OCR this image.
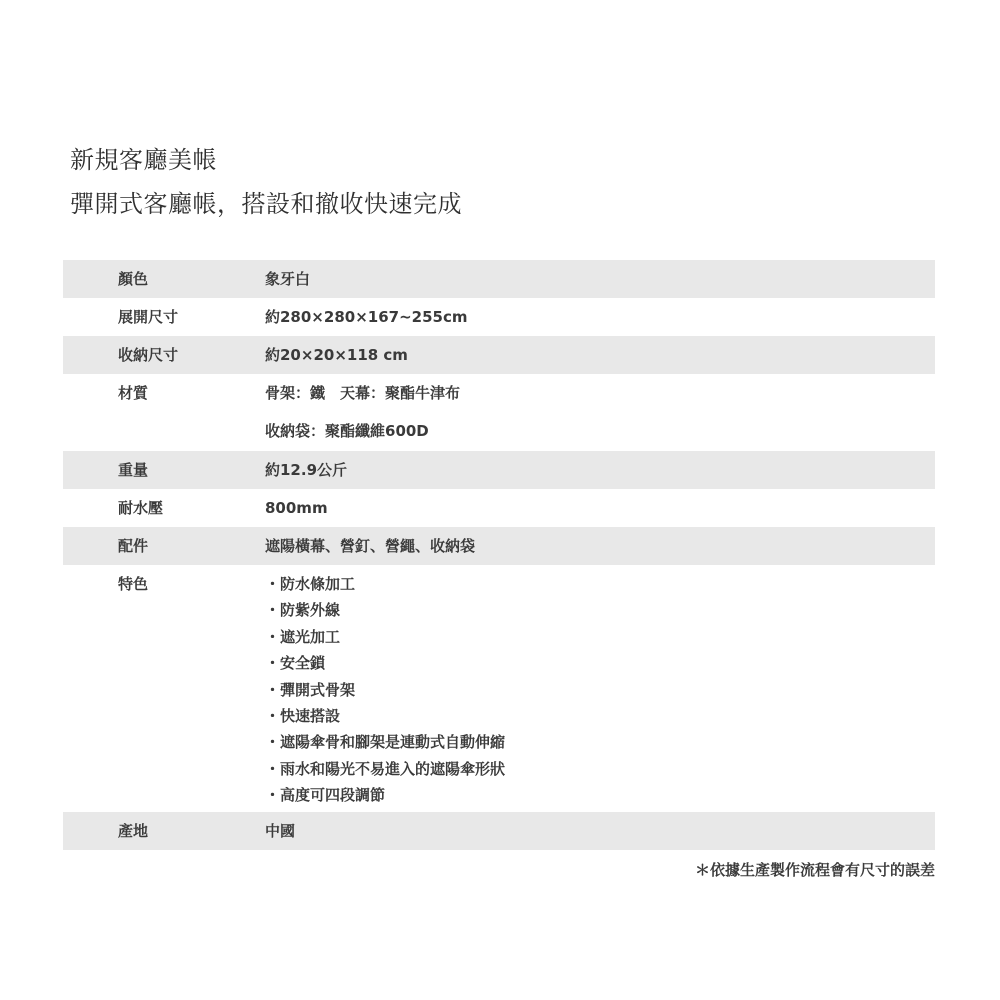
新規客廳美帳
彈開式客廳帳，搭設和撤收快速完成
顏色	象牙白
展開尺寸	約280×280×167~255cm
收納尺寸	約20×20×118 cm
材質	骨架：鐵　天幕：聚酯牛津布
收納袋：聚酯纖維600D
重量	約12.9公斤
耐水壓	800mm
配件	遮陽橫幕、營釘、營繩、收納袋
特色	・防水條加工
・防紫外線
・遮光加工
・安全鎖
・彈開式骨架
・快速搭設
・遮陽傘骨和腳架是連動式自動伸縮
・雨水和陽光不易進入的遮陽傘形狀
・高度可四段調節
產地	中國
＊依據生產製作流程會有尺寸的誤差
